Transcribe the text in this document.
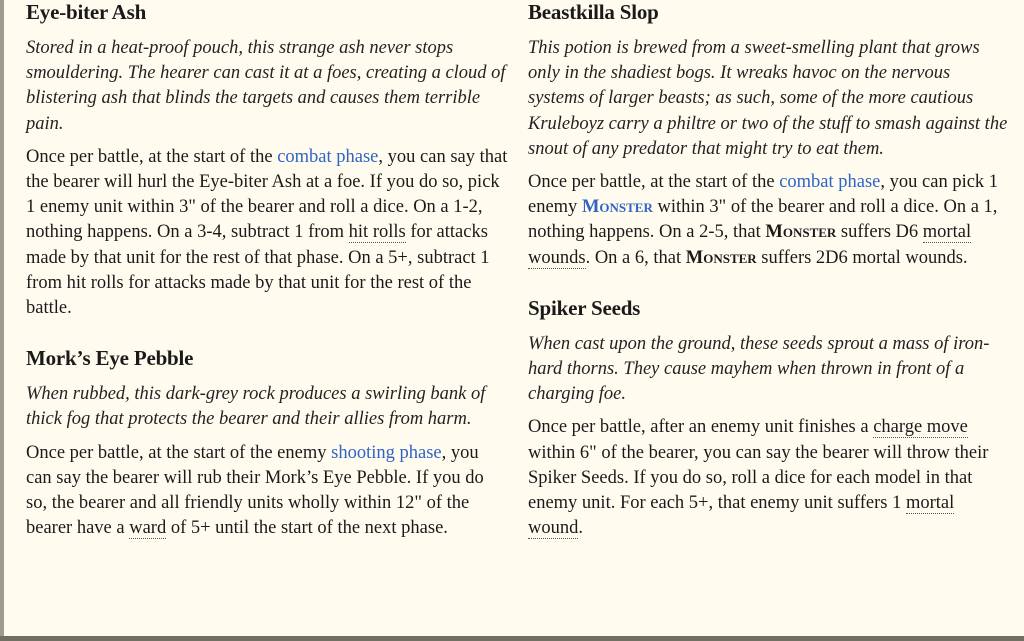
Eye-biter Ash

Stored in a heat-proof pouch, this strange ash never stops smouldering. The hearer can cast it at a foes, creating a cloud of blistering ash that blinds the targets and causes them terrible pain.

Once per battle, at the start of the combat phase, you can say that the bearer will hurl the Eye-biter Ash at a foe. If you do so, pick 1 enemy unit within 3" of the bearer and roll a dice. On a 1-2, nothing happens. On a 3-4, subtract 1 from hit rolls for attacks made by that unit for the rest of that phase. On a 5+, subtract 1 from hit rolls for attacks made by that unit for the rest of the battle.

Mork’s Eye Pebble

When rubbed, this dark-grey rock produces a swirling bank of thick fog that protects the bearer and their allies from harm.

Once per battle, at the start of the enemy shooting phase, you can say the bearer will rub their Mork’s Eye Pebble. If you do so, the bearer and all friendly units wholly within 12" of the bearer have a ward of 5+ until the start of the next phase.

Beastkilla Slop

This potion is brewed from a sweet-smelling plant that grows only in the shadiest bogs. It wreaks havoc on the nervous systems of larger beasts; as such, some of the more cautious Kruleboyz carry a philtre or two of the stuff to smash against the snout of any predator that might try to eat them.

Once per battle, at the start of the combat phase, you can pick 1 enemy Monster within 3" of the bearer and roll a dice. On a 1, nothing happens. On a 2-5, that Monster suffers D6 mortal wounds. On a 6, that Monster suffers 2D6 mortal wounds.

Spiker Seeds

When cast upon the ground, these seeds sprout a mass of iron-hard thorns. They cause mayhem when thrown in front of a charging foe.

Once per battle, after an enemy unit finishes a charge move within 6" of the bearer, you can say the bearer will throw their Spiker Seeds. If you do so, roll a dice for each model in that enemy unit. For each 5+, that enemy unit suffers 1 mortal wound.
